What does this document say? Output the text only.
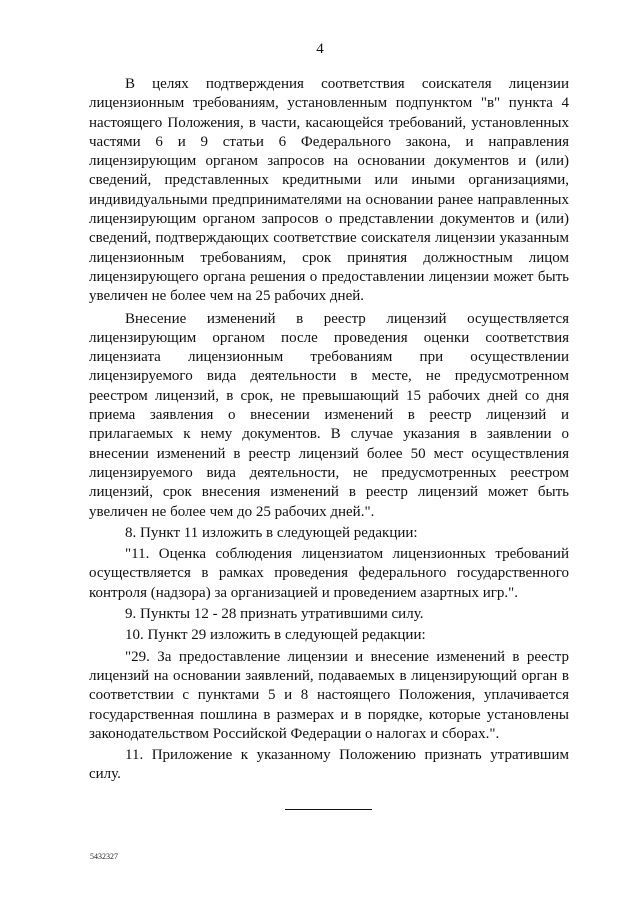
4

В целях подтверждения соответствия соискателя лицензии лицензионным требованиям, установленным подпунктом "в" пункта 4 настоящего Положения, в части, касающейся требований, установленных частями 6 и 9 статьи 6 Федерального закона, и направления лицензирующим органом запросов на основании документов и (или) сведений, представленных кредитными или иными организациями, индивидуальными предпринимателями на основании ранее направленных лицензирующим органом запросов о представлении документов и (или) сведений, подтверждающих соответствие соискателя лицензии указанным лицензионным требованиям, срок принятия должностным лицом лицензирующего органа решения о предоставлении лицензии может быть увеличен не более чем на 25 рабочих дней.

Внесение изменений в реестр лицензий осуществляется лицензирующим органом после проведения оценки соответствия лицензиата лицензионным требованиям при осуществлении лицензируемого вида деятельности в месте, не предусмотренном реестром лицензий, в срок, не превышающий 15 рабочих дней со дня приема заявления о внесении изменений в реестр лицензий и прилагаемых к нему документов. В случае указания в заявлении о внесении изменений в реестр лицензий более 50 мест осуществления лицензируемого вида деятельности, не предусмотренных реестром лицензий, срок внесения изменений в реестр лицензий может быть увеличен не более чем до 25 рабочих дней.".

8. Пункт 11 изложить в следующей редакции:

"11. Оценка соблюдения лицензиатом лицензионных требований осуществляется в рамках проведения федерального государственного контроля (надзора) за организацией и проведением азартных игр.".

9. Пункты 12 - 28 признать утратившими силу.

10. Пункт 29 изложить в следующей редакции:

"29. За предоставление лицензии и внесение изменений в реестр лицензий на основании заявлений, подаваемых в лицензирующий орган в соответствии с пунктами 5 и 8 настоящего Положения, уплачивается государственная пошлина в размерах и в порядке, которые установлены законодательством Российской Федерации о налогах и сборах.".

11. Приложение к указанному Положению признать утратившим силу.

5432327
